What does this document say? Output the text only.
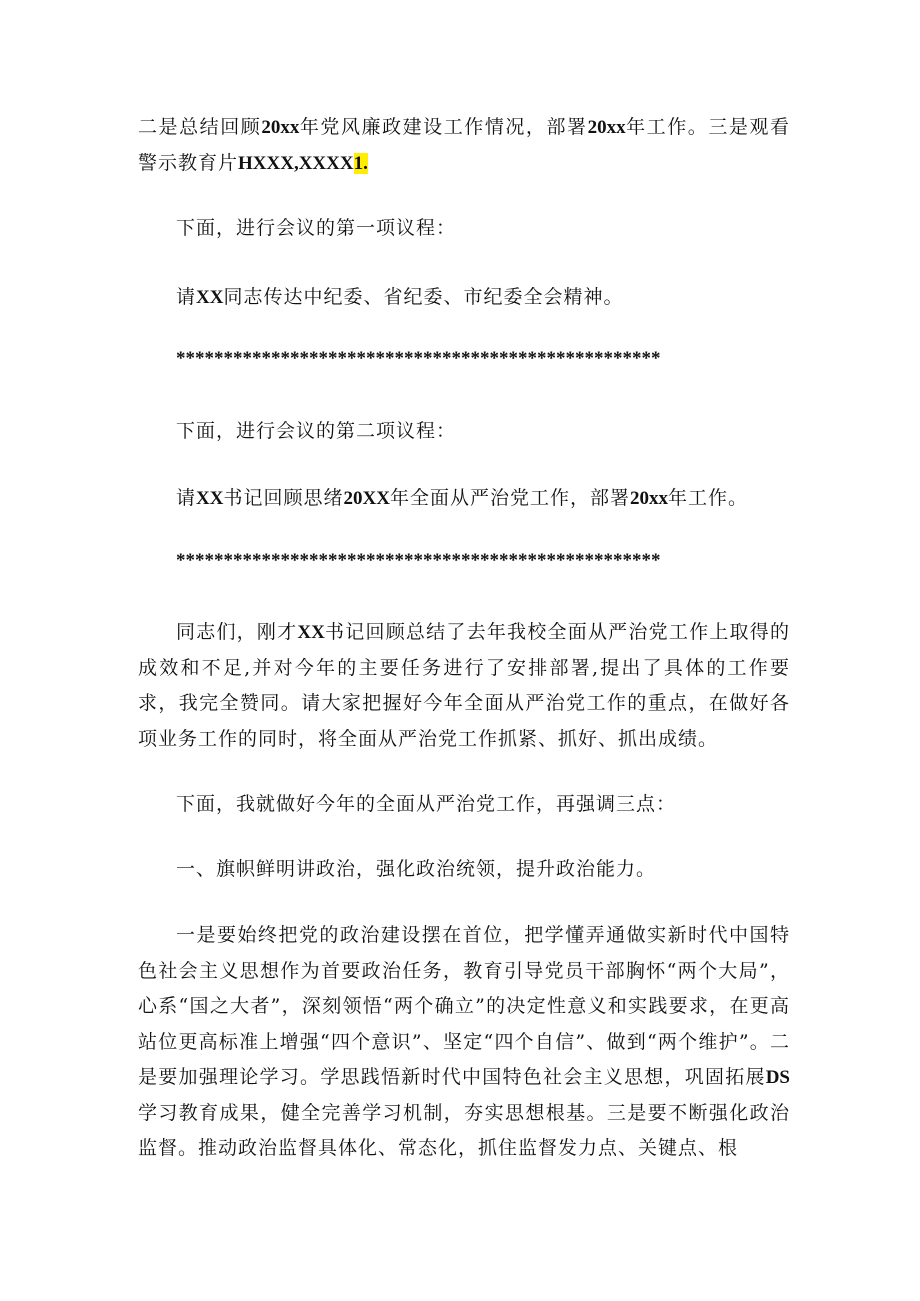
二是总结回顾20xx年党风廉政建设工作情况，部署20xx年工作。三是观看警示教育片HXXX,XXXX1.

下面，进行会议的第一项议程：

请XX同志传达中纪委、省纪委、市纪委全会精神。

***************************************************

下面，进行会议的第二项议程：

请XX书记回顾思绪20XX年全面从严治党工作，部署20xx年工作。

***************************************************

同志们，刚才XX书记回顾总结了去年我校全面从严治党工作上取得的成效和不足,并对今年的主要任务进行了安排部署,提出了具体的工作要求，我完全赞同。请大家把握好今年全面从严治党工作的重点，在做好各项业务工作的同时，将全面从严治党工作抓紧、抓好、抓出成绩。

下面，我就做好今年的全面从严治党工作，再强调三点：

一、旗帜鲜明讲政治，强化政治统领，提升政治能力。

一是要始终把党的政治建设摆在首位，把学懂弄通做实新时代中国特色社会主义思想作为首要政治任务，教育引导党员干部胸怀“两个大局”，心系“国之大者”，深刻领悟“两个确立”的决定性意义和实践要求，在更高站位更高标准上增强“四个意识”、坚定“四个自信”、做到“两个维护”。二是要加强理论学习。学思践悟新时代中国特色社会主义思想，巩固拓展DS学习教育成果，健全完善学习机制，夯实思想根基。三是要不断强化政治监督。推动政治监督具体化、常态化，抓住监督发力点、关键点、根
